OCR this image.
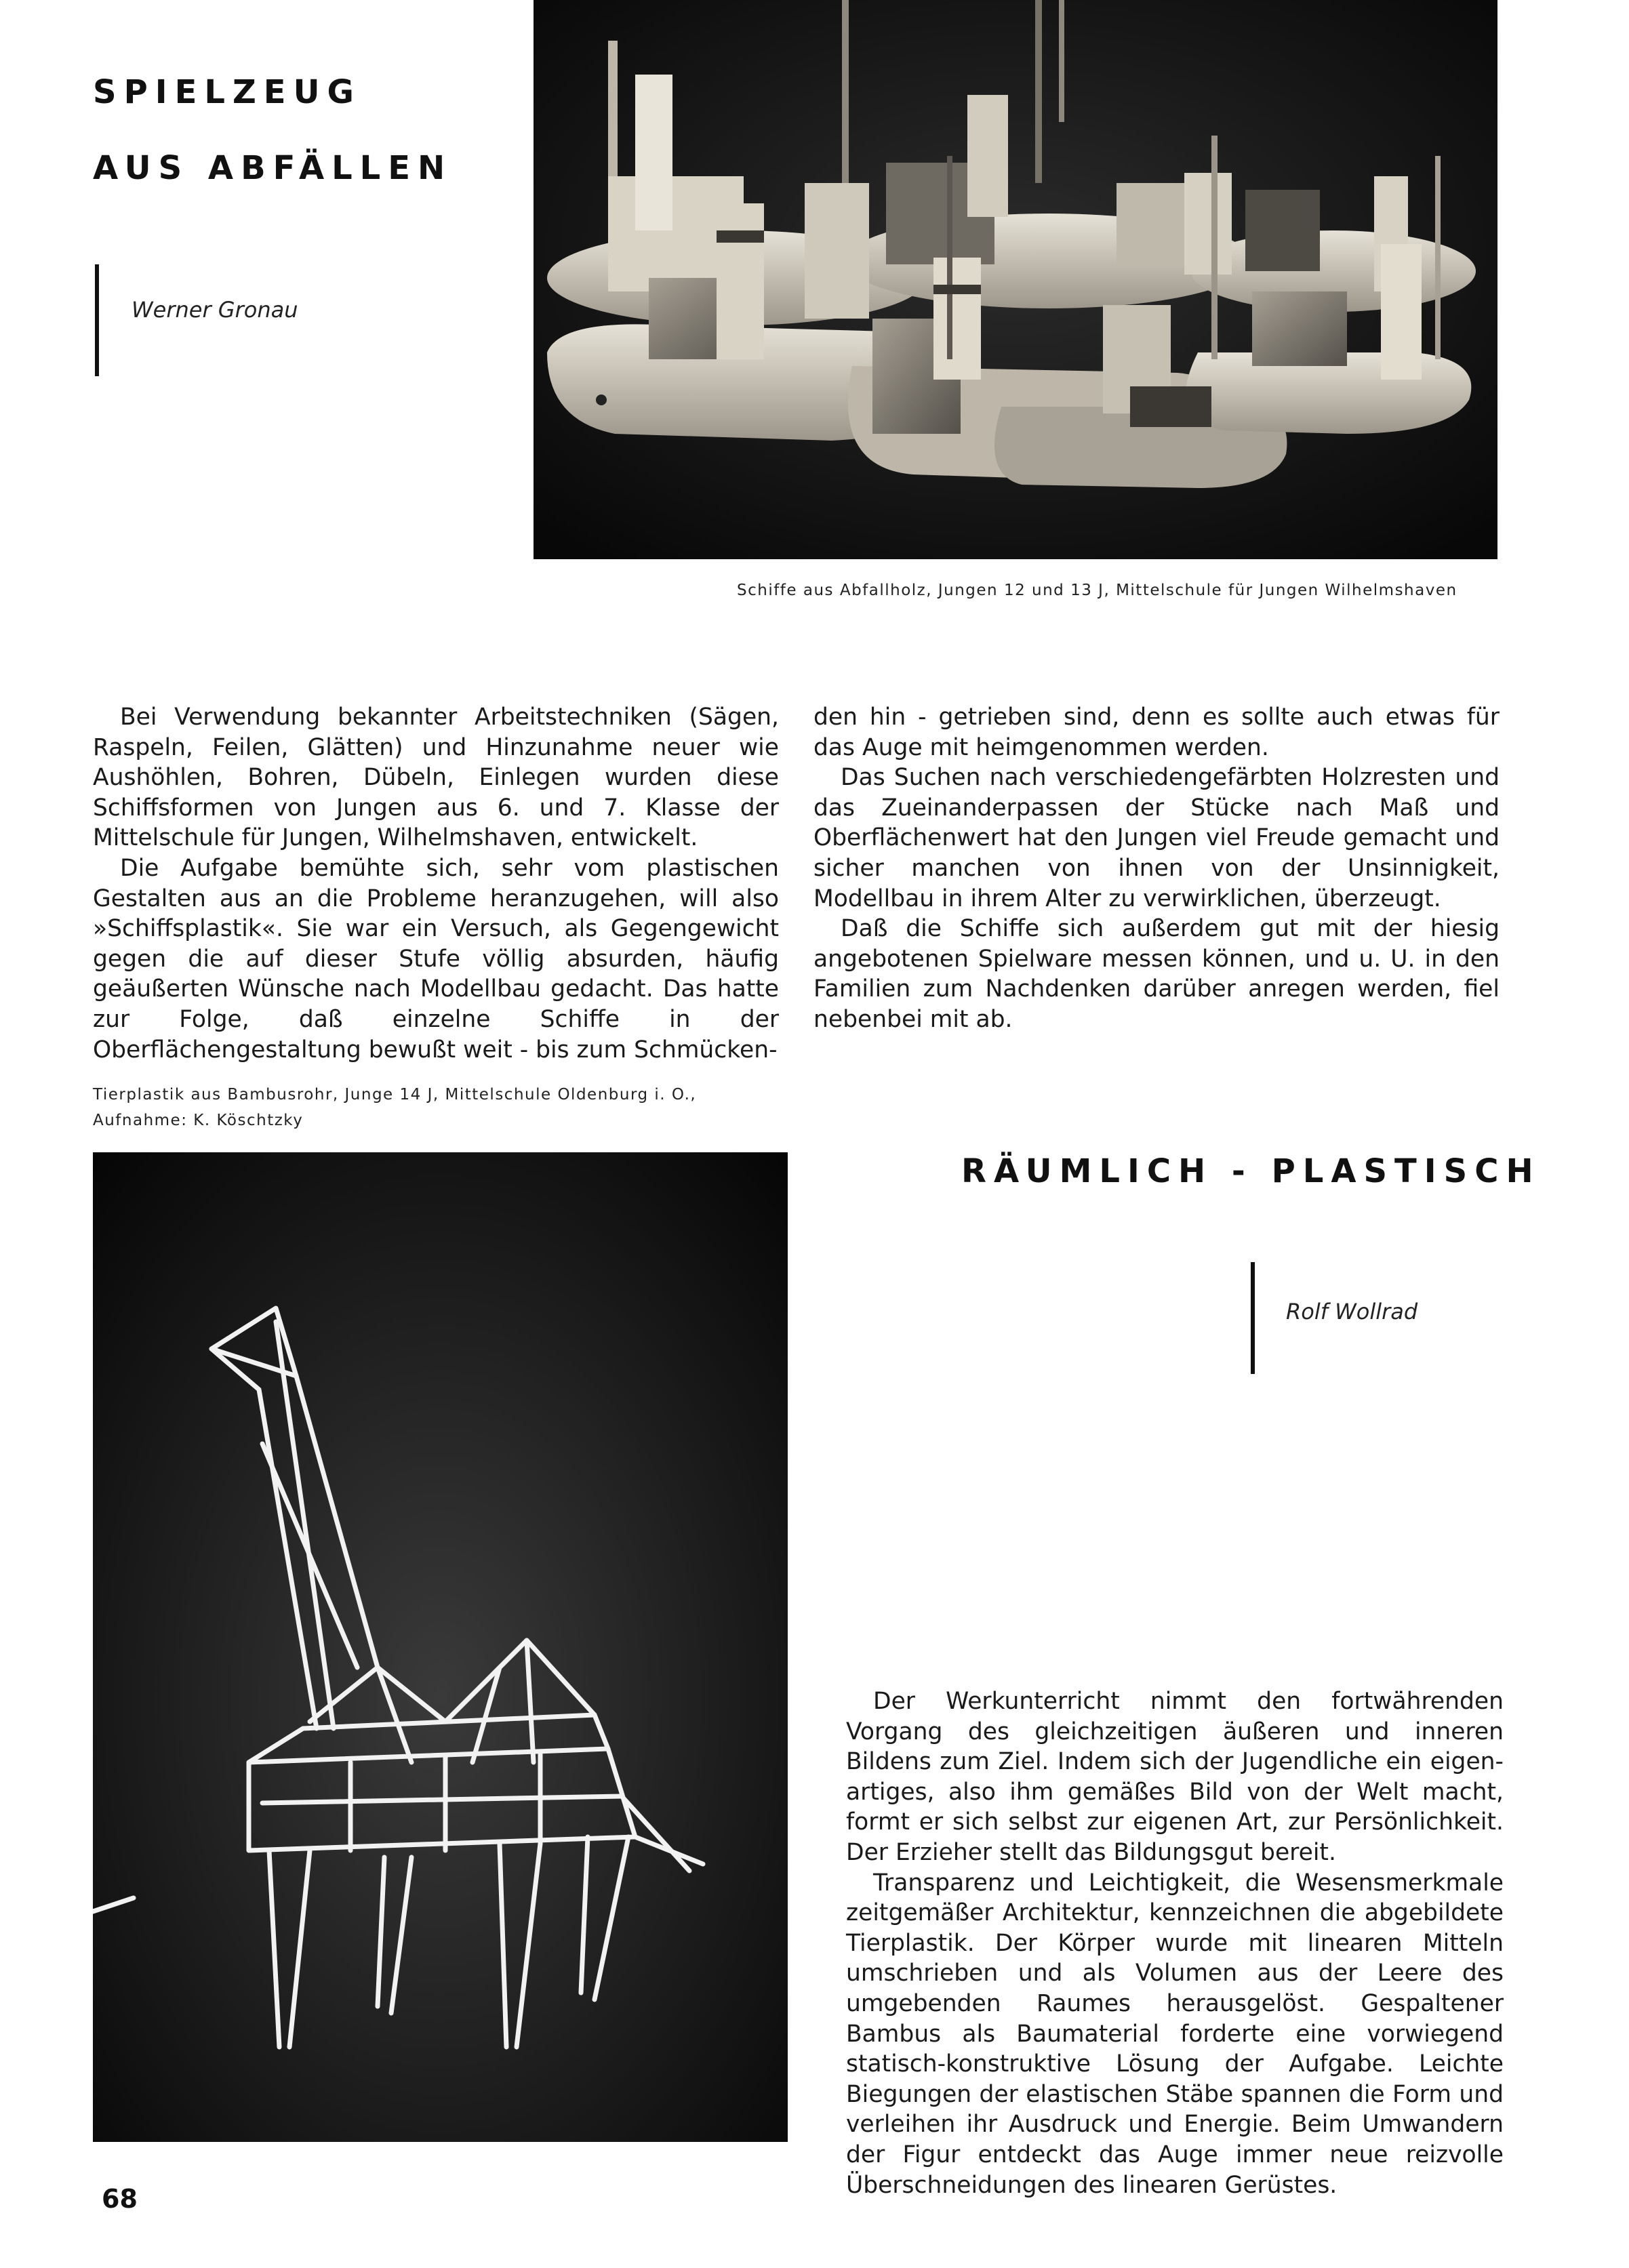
SPIELZEUG
AUS ABFÄLLEN
Werner Gronau
Schiffe aus Abfallholz, Jungen 12 und 13 J, Mittelschule für Jungen Wilhelmshaven

Bei Verwendung bekannter Arbeitstechniken (Sägen, Raspeln, Feilen, Glätten) und Hinzunahme neuer wie Aushöhlen, Bohren, Dübeln, Einlegen wurden diese Schiffsformen von Jungen aus 6. und 7. Klasse der Mittelschule für Jungen, Wilhelmshaven, entwickelt.

Die Aufgabe bemühte sich, sehr vom plastischen Gestalten aus an die Probleme heranzugehen, will also »Schiffsplastik«. Sie war ein Versuch, als Gegengewicht gegen die auf dieser Stufe völlig absurden, häufig geäußerten Wünsche nach Modellbau gedacht. Das hatte zur Folge, daß einzelne Schiffe in der Oberflächengestaltung bewußt weit - bis zum Schmücken-

den hin - getrieben sind, denn es sollte auch etwas für das Auge mit heimgenommen werden.

Das Suchen nach verschiedengefärbten Holzresten und das Zueinanderpassen der Stücke nach Maß und Oberflächenwert hat den Jungen viel Freude gemacht und sicher manchen von ihnen von der Unsinnigkeit, Modellbau in ihrem Alter zu verwirklichen, überzeugt.

Daß die Schiffe sich außerdem gut mit der hiesig angebotenen Spielware messen können, und u. U. in den Familien zum Nachdenken darüber anregen werden, fiel nebenbei mit ab.

Tierplastik aus Bambusrohr, Junge 14 J, Mittelschule Oldenburg i. O.,
Aufnahme: K. Köschtzky
RÄUMLICH - PLASTISCH
Rolf Wollrad

Der Werkunterricht nimmt den fortwährenden Vorgang des gleichzeitigen äußeren und inneren Bildens zum Ziel. Indem sich der Jugendliche ein eigen-artiges, also ihm gemäßes Bild von der Welt macht, formt er sich selbst zur eigenen Art, zur Persönlichkeit. Der Erzieher stellt das Bildungsgut bereit.

Transparenz und Leichtigkeit, die Wesensmerkmale zeitgemäßer Architektur, kennzeichnen die abgebildete Tierplastik. Der Körper wurde mit linearen Mitteln umschrieben und als Volumen aus der Leere des umgebenden Raumes herausgelöst. Gespaltener Bambus als Baumaterial forderte eine vorwiegend statisch-konstruktive Lösung der Aufgabe. Leichte Biegungen der elastischen Stäbe spannen die Form und verleihen ihr Ausdruck und Energie. Beim Umwandern der Figur entdeckt das Auge immer neue reizvolle Überschneidungen des linearen Gerüstes.

68
